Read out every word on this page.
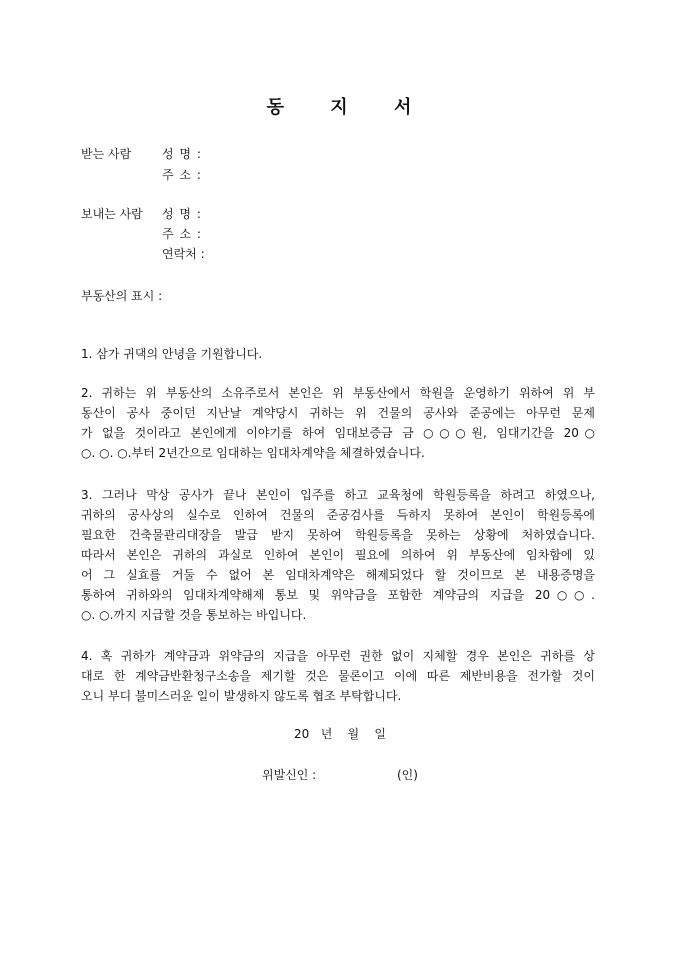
동 지 서
받는 사람	성 명 :
주 소 :
보내는 사람 성 명 :
주 소 :
연락처 :
부동산의 표시 :
1. 삼가 귀댁의 안녕을 기원합니다.
2. 귀하는 위 부동산의 소유주로서 본인은 위 부동산에서 학원을 운영하기 위하여 위 부
동산이 공사 중이던 지난날 계약당시 귀하는 위 건물의 공사와 준공에는 아무런 문제
가 없을 것이라고 본인에게 이야기를 하여 임대보증금 금 ○○○원, 임대기간을 20○
○. ○. ○.부터 2년간으로 임대하는 임대차계약을 체결하였습니다.
3. 그러나 막상 공사가 끝나 본인이 입주를 하고 교육청에 학원등록을 하려고 하였으나,
귀하의 공사상의 실수로 인하여 건물의 준공검사를 득하지 못하여 본인이 학원등록에
필요한 건축물관리대장을 발급 받지 못하여 학원등록을 못하는 상황에 처하였습니다.
따라서 본인은 귀하의 과실로 인하여 본인이 필요에 의하여 위 부동산에 임차함에 있
어 그 실효를 거둘 수 없어 본 임대차계약은 해제되었다 할 것이므로 본 내용증명을
통하여 귀하와의 임대차계약해제 통보 및 위약금을 포함한 계약금의 지급을 20○○.
○. ○.까지 지급할 것을 통보하는 바입니다.
4. 혹 귀하가 계약금과 위약금의 지급을 아무런 권한 없이 지체할 경우 본인은 귀하를 상
대로 한 계약금반환청구소송을 제기할 것은 물론이고 이에 따른 제반비용을 전가할 것이
오니 부디 불미스러운 일이 발생하지 않도록 협조 부탁합니다.
20   년    월    일
위발신인 :	(인)
